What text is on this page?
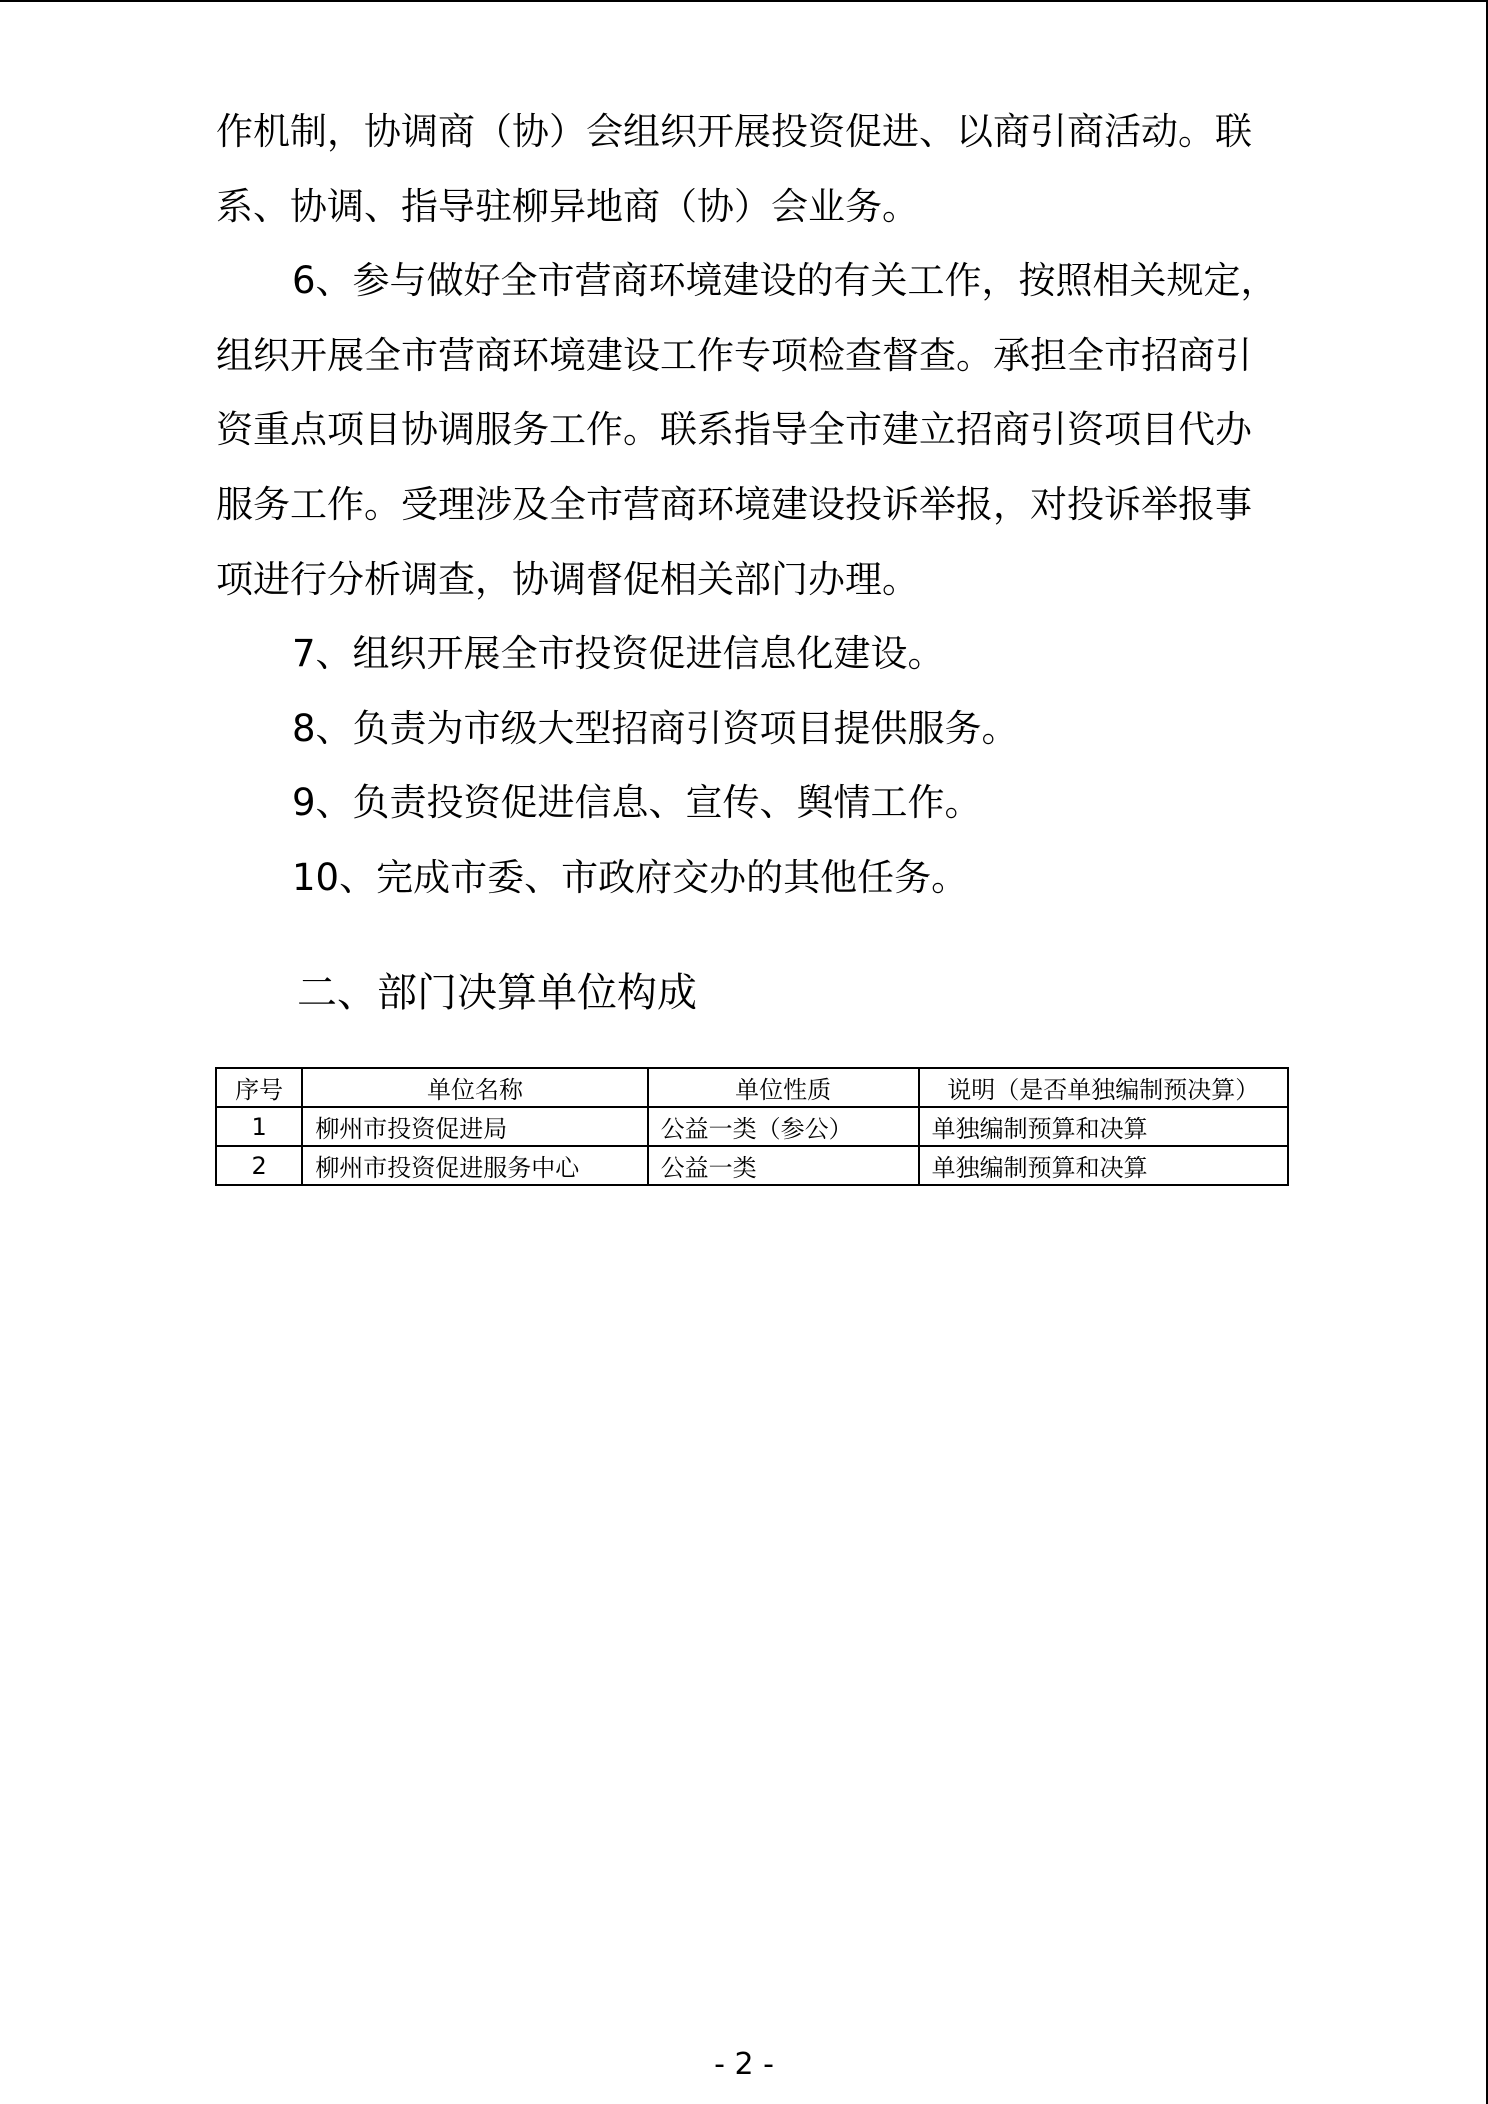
作机制，协调商（协）会组织开展投资促进、以商引商活动。联

系、协调、指导驻柳异地商（协）会业务。

6、参与做好全市营商环境建设的有关工作，按照相关规定，

组织开展全市营商环境建设工作专项检查督查。承担全市招商引

资重点项目协调服务工作。联系指导全市建立招商引资项目代办

服务工作。受理涉及全市营商环境建设投诉举报，对投诉举报事

项进行分析调查，协调督促相关部门办理。

7、组织开展全市投资促进信息化建设。

8、负责为市级大型招商引资项目提供服务。

9、负责投资促进信息、宣传、舆情工作。

10、完成市委、市政府交办的其他任务。

二、部门决算单位构成
序号	单位名称	单位性质	说明（是否单独编制预决算）
1	柳州市投资促进局	公益一类（参公）	单独编制预算和决算
2	柳州市投资促进服务中心	公益一类	单独编制预算和决算
- 2 -
